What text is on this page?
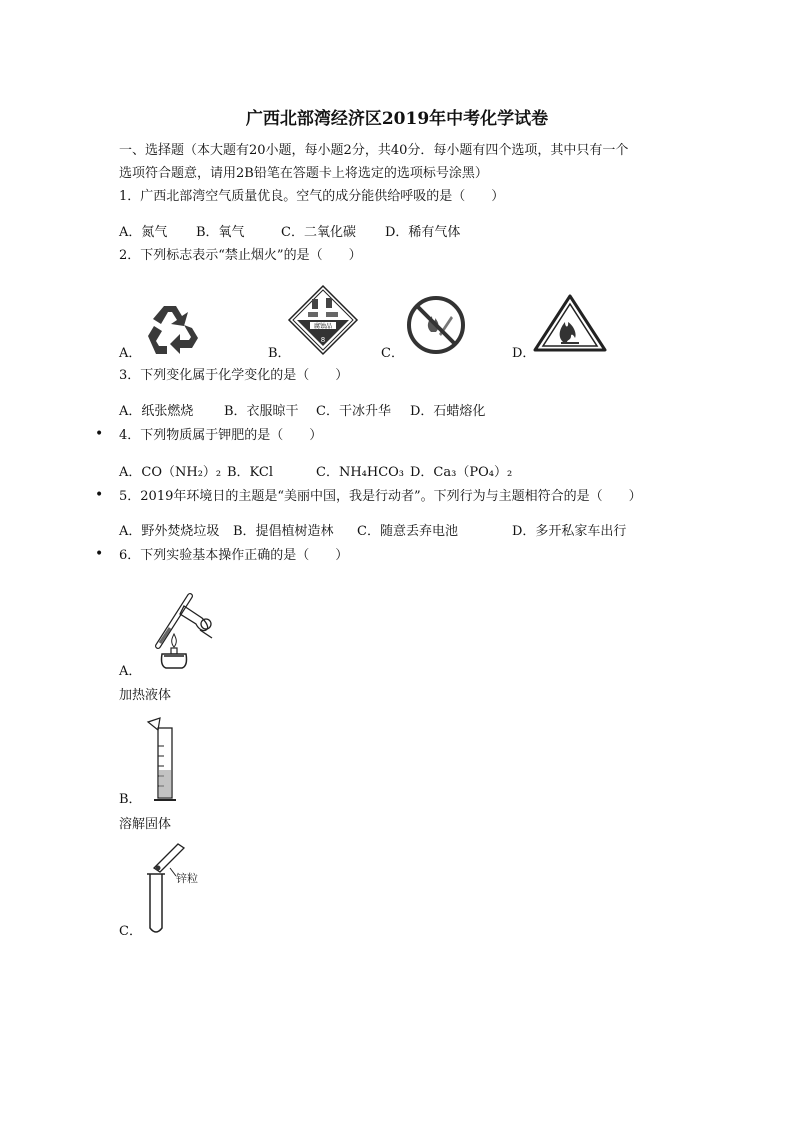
广西北部湾经济区2019年中考化学试卷
一、选择题（本大题有20小题，每小题2分，共40分．每小题有四个选项，其中只有一个
选项符合题意，请用2B铅笔在答题卡上将选定的选项标号涂黑）
1．广西北部湾空气质量优良。空气的成分能供给呼吸的是（　　）
A．氮气 B．氧气	C．二氧化碳 D．稀有气体
2．下列标志表示“禁止烟火”的是（　　）
A．	B．
腐蚀品
8
C．	D．
3．下列变化属于化学变化的是（　　）
A．纸张燃烧 B．衣服晾干 C．干冰升华 D．石蜡熔化
• 4．下列物质属于钾肥的是（　　）
A．CO（NH₂）₂ B．KCl	C．NH₄HCO₃ D．Ca₃（PO₄）₂
• 5．2019年环境日的主题是“美丽中国，我是行动者”。下列行为与主题相符合的是（　　）
A．野外焚烧垃圾 B．提倡植树造林 C．随意丢弃电池	D．多开私家车出行
• 6．下列实验基本操作正确的是（　　）
A．
加热液体
B．
溶解固体
锌粒
C．
